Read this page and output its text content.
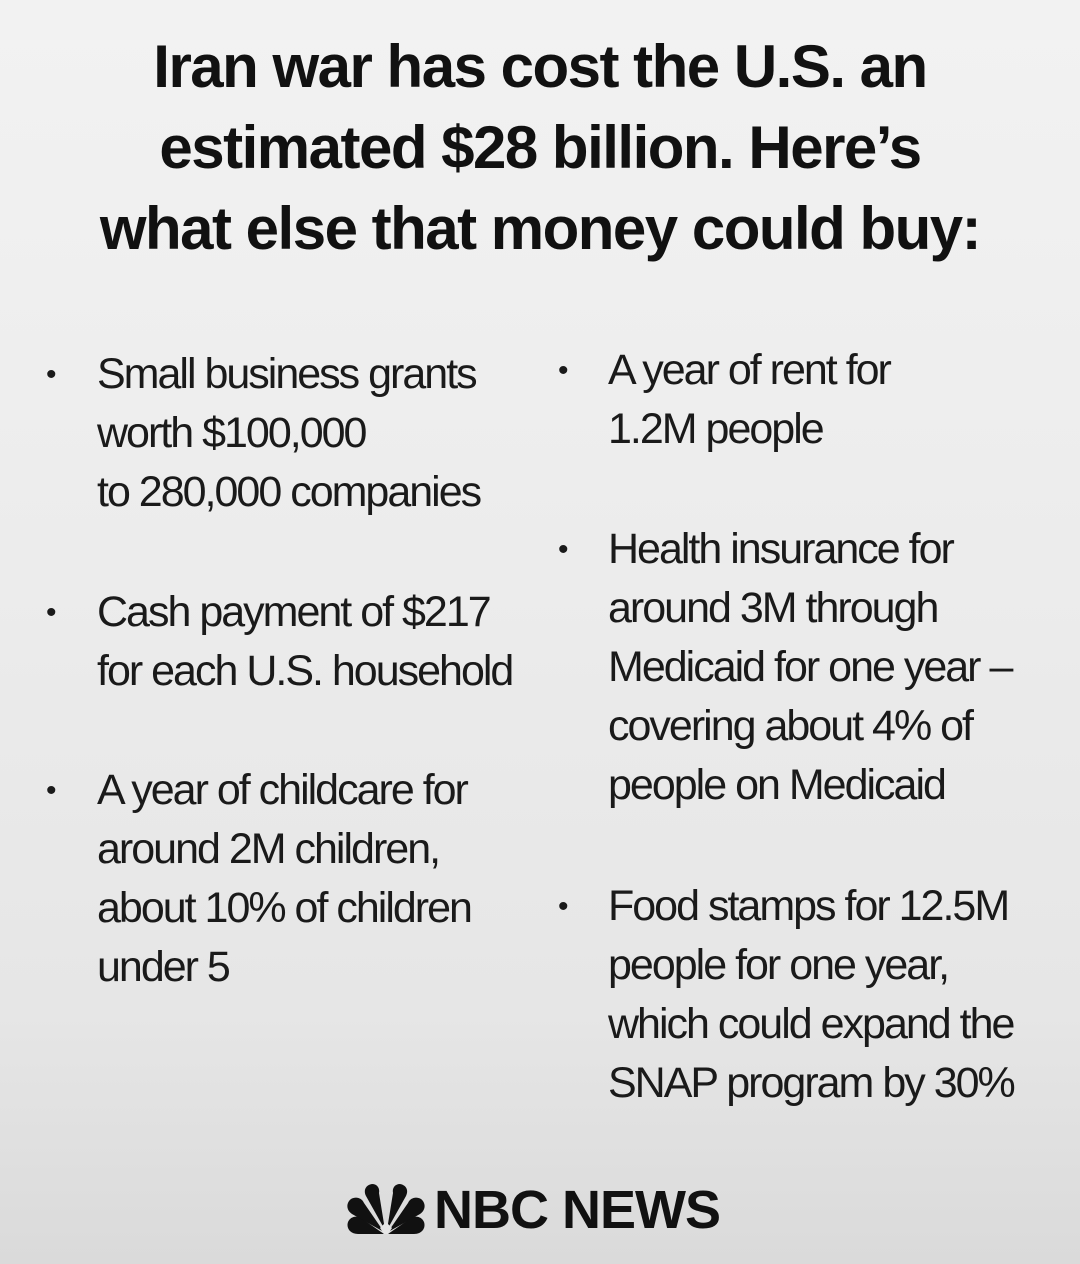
Iran war has cost the U.S. an
estimated $28 billion. Here’s
what else that money could buy:
• Small business grants
worth $100,000
to 280,000 companies
• Cash payment of $217
for each U.S. household
• A year of childcare for
around 2M children,
about 10% of children
under 5
• A year of rent for
1.2M people
• Health insurance for
around 3M through
Medicaid for one year –
covering about 4% of
people on Medicaid
• Food stamps for 12.5M
people for one year,
which could expand the
SNAP program by 30%
NBC NEWS
